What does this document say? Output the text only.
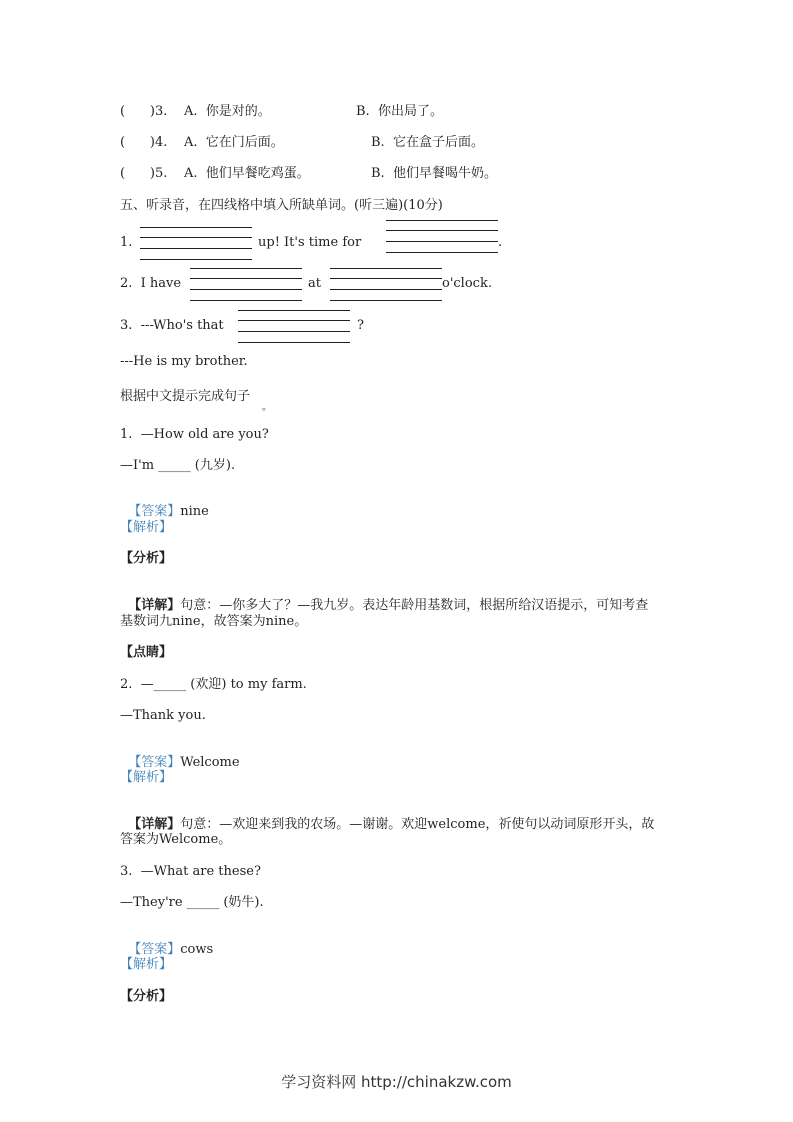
(      )3. A.  你是对的。	B.  你出局了。
(      )4. A.  它在门后面。	B.  它在盒子后面。
(      )5. A.  他们早餐吃鸡蛋。	B.  他们早餐喝牛奶。
五、听录音，在四线格中填入所缺单词。(听三遍)(10分)
1.	up! It's time for	.
2.  I have	at	o'clock.
3.  ---Who's that	?
---He is my brother.
根据中文提示完成句子
。
1.  —How old are you?
—I'm _____ (九岁).

【答案】nine

【解析】
【分析】

【详解】句意：—你多大了？—我九岁。表达年龄用基数词，根据所给汉语提示，可知考查

基数词九nine，故答案为nine。
【点睛】
2.  —_____ (欢迎) to my farm.
—Thank you.

【答案】Welcome

【解析】

【详解】句意：—欢迎来到我的农场。—谢谢。欢迎welcome，祈使句以动词原形开头，故

答案为Welcome。
3.  —What are these?
—They're _____ (奶牛).

【答案】cows

【解析】
【分析】
学习资料网 http://chinakzw.com
